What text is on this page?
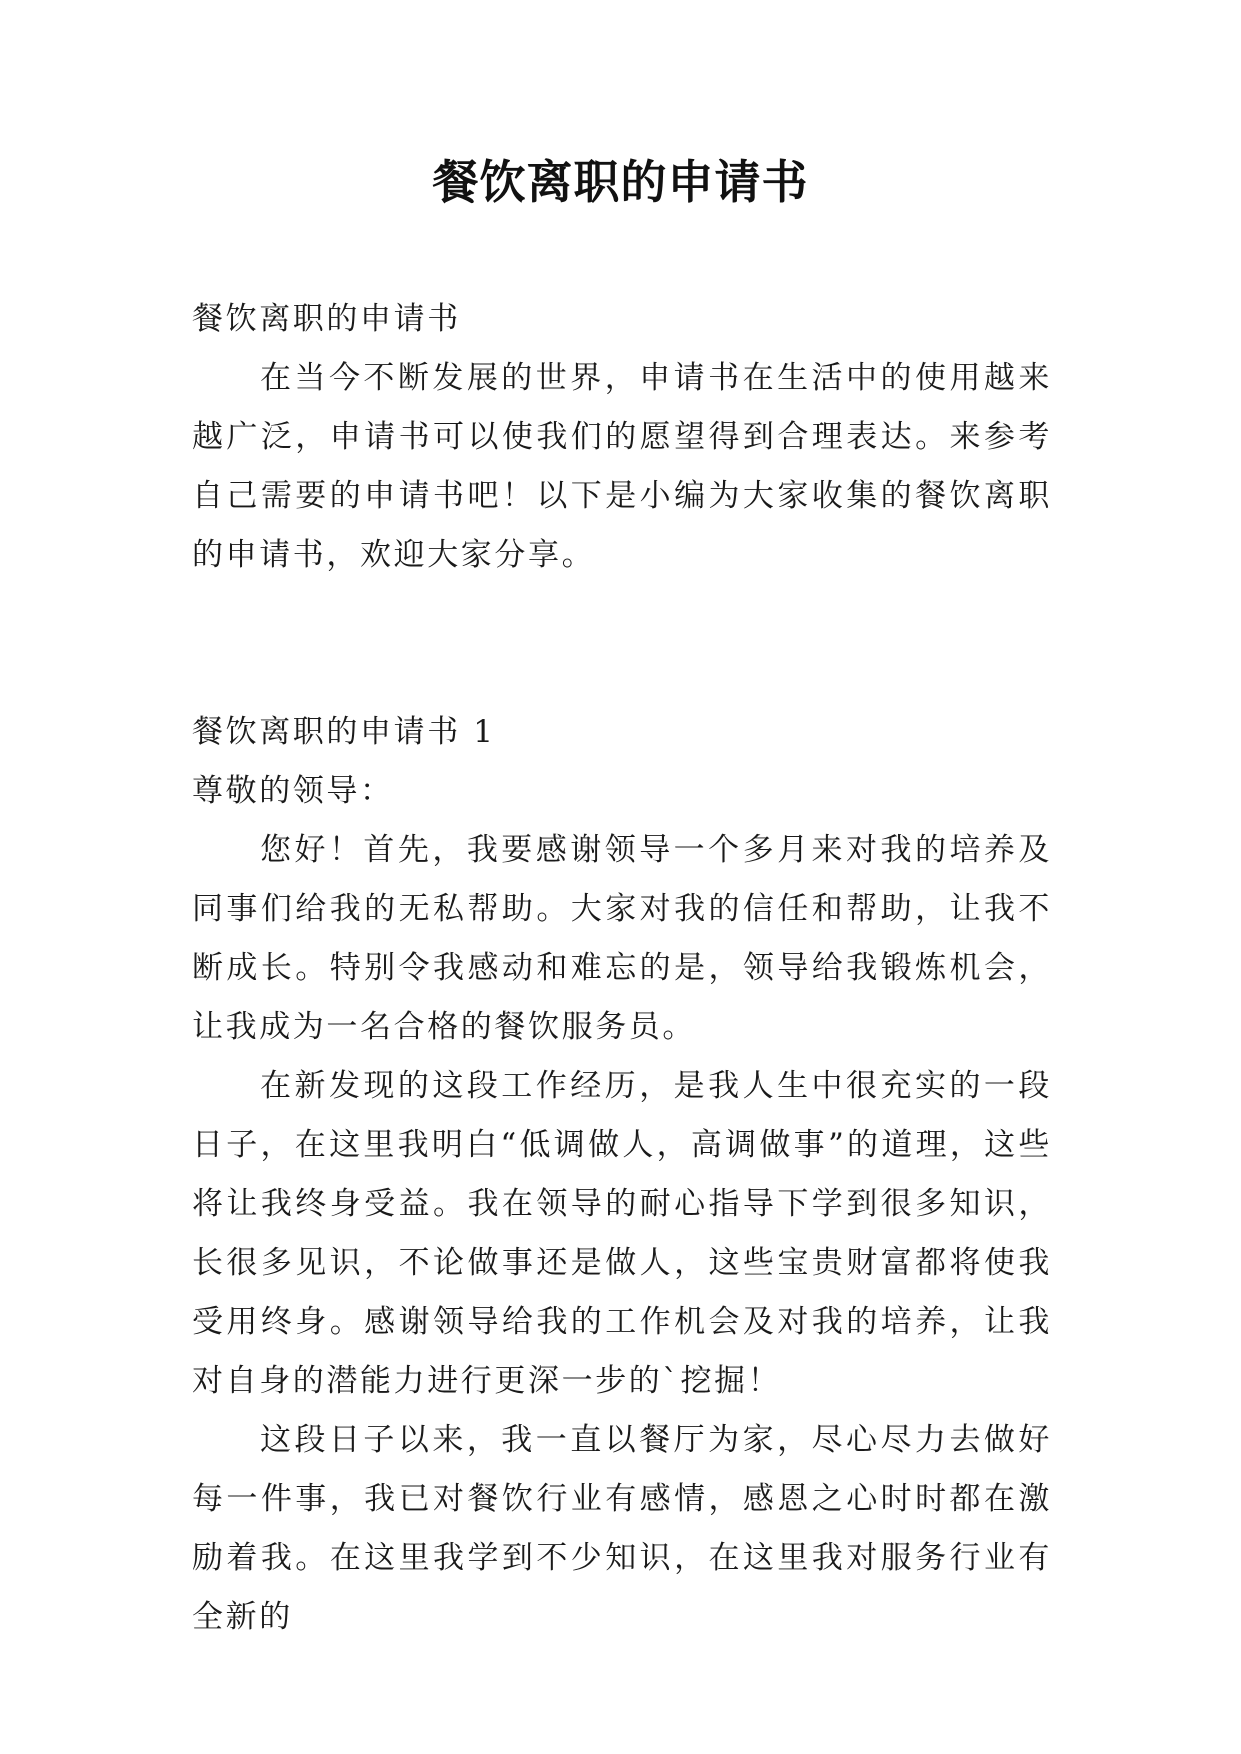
餐饮离职的申请书
餐饮离职的申请书

在当今不断发展的世界，申请书在生活中的使用越来越广泛，申请书可以使我们的愿望得到合理表达。来参考自己需要的申请书吧！以下是小编为大家收集的餐饮离职的申请书，欢迎大家分享。

餐饮离职的申请书 1
尊敬的领导：

您好！首先，我要感谢领导一个多月来对我的培养及同事们给我的无私帮助。大家对我的信任和帮助，让我不断成长。特别令我感动和难忘的是，领导给我锻炼机会，让我成为一名合格的餐饮服务员。

在新发现的这段工作经历，是我人生中很充实的一段日子，在这里我明白“低调做人，高调做事”的道理，这些将让我终身受益。我在领导的耐心指导下学到很多知识，长很多见识，不论做事还是做人，这些宝贵财富都将使我受用终身。感谢领导给我的工作机会及对我的培养，让我对自身的潜能力进行更深一步的`挖掘！

这段日子以来，我一直以餐厅为家，尽心尽力去做好每一件事，我已对餐饮行业有感情，感恩之心时时都在激励着我。在这里我学到不少知识，在这里我对服务行业有全新的
